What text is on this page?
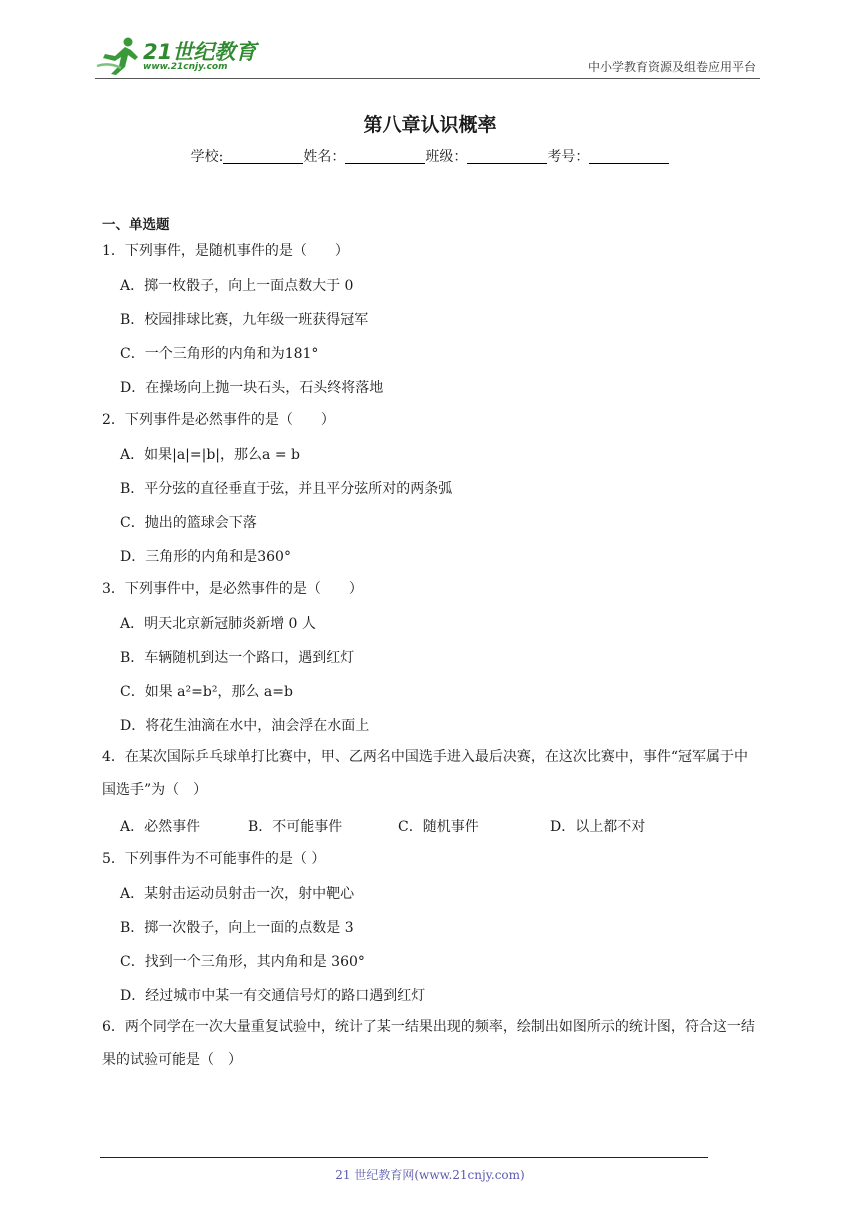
21世纪教育
www.21cnjy.com	中小学教育资源及组卷应用平台
第八章认识概率
学校:	姓名：	班级：	考号：
一、单选题
1．下列事件，是随机事件的是（　　）
A．掷一枚骰子，向上一面点数大于 0
B．校园排球比赛，九年级一班获得冠军
C．一个三角形的内角和为181°
D．在操场向上抛一块石头，石头终将落地
2．下列事件是必然事件的是（　　）
A．如果|a|=|b|，那么a = b
B．平分弦的直径垂直于弦，并且平分弦所对的两条弧
C．抛出的篮球会下落
D．三角形的内角和是360°
3．下列事件中，是必然事件的是（　　）
A．明天北京新冠肺炎新增 0 人
B．车辆随机到达一个路口，遇到红灯
C．如果 a²=b²，那么 a=b
D．将花生油滴在水中，油会浮在水面上
4．在某次国际乒乓球单打比赛中，甲、乙两名中国选手进入最后决赛，在这次比赛中，事件“冠军属于中国选手”为（　）
A．必然事件	B．不可能事件	C．随机事件	D．以上都不对
5．下列事件为不可能事件的是（ ）
A．某射击运动员射击一次，射中靶心
B．掷一次骰子，向上一面的点数是 3
C．找到一个三角形，其内角和是 360°
D．经过城市中某一有交通信号灯的路口遇到红灯
6．两个同学在一次大量重复试验中，统计了某一结果出现的频率，绘制出如图所示的统计图，符合这一结果的试验可能是（　）
21 世纪教育网(www.21cnjy.com)
